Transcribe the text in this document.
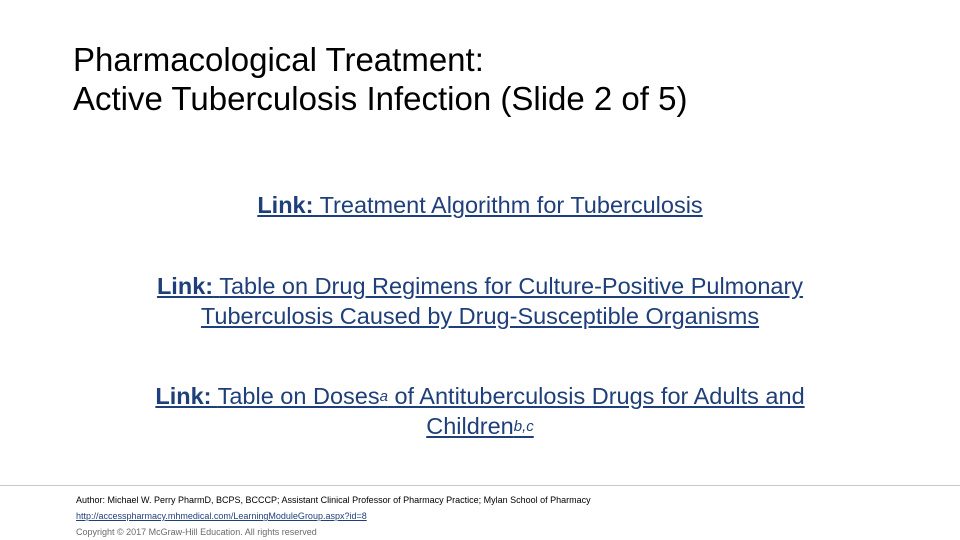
Pharmacological Treatment:
Active Tuberculosis Infection (Slide 2 of 5)
Link: Treatment Algorithm for Tuberculosis
Link: Table on Drug Regimens for Culture-Positive Pulmonary
Tuberculosis Caused by Drug-Susceptible Organisms
Link: Table on Doses$^a$ of Antituberculosis Drugs for Adults and
Children$^{b,c}$
Author: Michael W. Perry PharmD, BCPS, BCCCP; Assistant Clinical Professor of Pharmacy Practice; Mylan School of Pharmacy
http://accesspharmacy.mhmedical.com/LearningModuleGroup.aspx?id=8
Copyright © 2017 McGraw-Hill Education. All rights reserved
